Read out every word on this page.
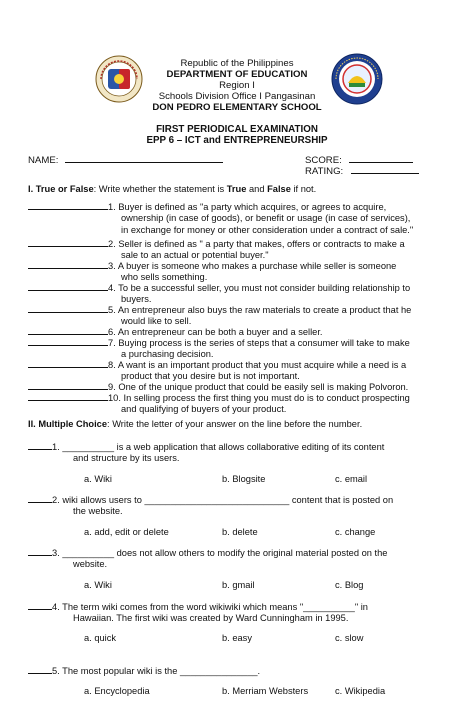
Republic of the Philippines
DEPARTMENT OF EDUCATION
Region I
Schools Division Office I Pangasinan
DON PEDRO ELEMENTARY SCHOOL
FIRST PERIODICAL EXAMINATION
EPP 6 – ICT and ENTREPRENEURSHIP
NAME:	SCORE:
RATING:
I. True or False: Write whether the statement is True and False if not.
1. Buyer is defined as "a party which acquires, or agrees to acquire,
ownership (in case of goods), or benefit or usage (in case of services),
in exchange for money or other consideration under a contract of sale."
2. Seller is defined as " a party that makes, offers or contracts to make a
sale to an actual or potential buyer."
3. A buyer is someone who makes a purchase while seller is someone
who sells something.
4. To be a successful seller, you must not consider building relationship to
buyers.
5. An entrepreneur also buys the raw materials to create a product that he
would like to sell.
6. An entrepreneur can be both a buyer and a seller.
7. Buying process is the series of steps that a consumer will take to make
a purchasing decision.
8. A want is an important product that you must acquire while a need is a
product that you desire but is not important.
9. One of the unique product that could be easily sell is making Polvoron.
10. In selling process the first thing you must do is to conduct prospecting
and qualifying of buyers of your product.
II. Multiple Choice: Write the letter of your answer on the line before the number.
1. __________ is a web application that allows collaborative editing of its content
and structure by its users.
a. Wiki	b. Blogsite	c. email
2. wiki allows users to ____________________________ content that is posted on
the website.
a. add, edit or delete	b. delete	c. change
3. __________ does not allow others to modify the original material posted on the
website.
a. Wiki	b. gmail	c. Blog
4. The term wiki comes from the word wikiwiki which means "__________" in
Hawaiian. The first wiki was created by Ward Cunningham in 1995.
a. quick	b. easy	c. slow
5. The most popular wiki is the _______________.
a. Encyclopedia	b. Merriam Websters	c. Wikipedia
